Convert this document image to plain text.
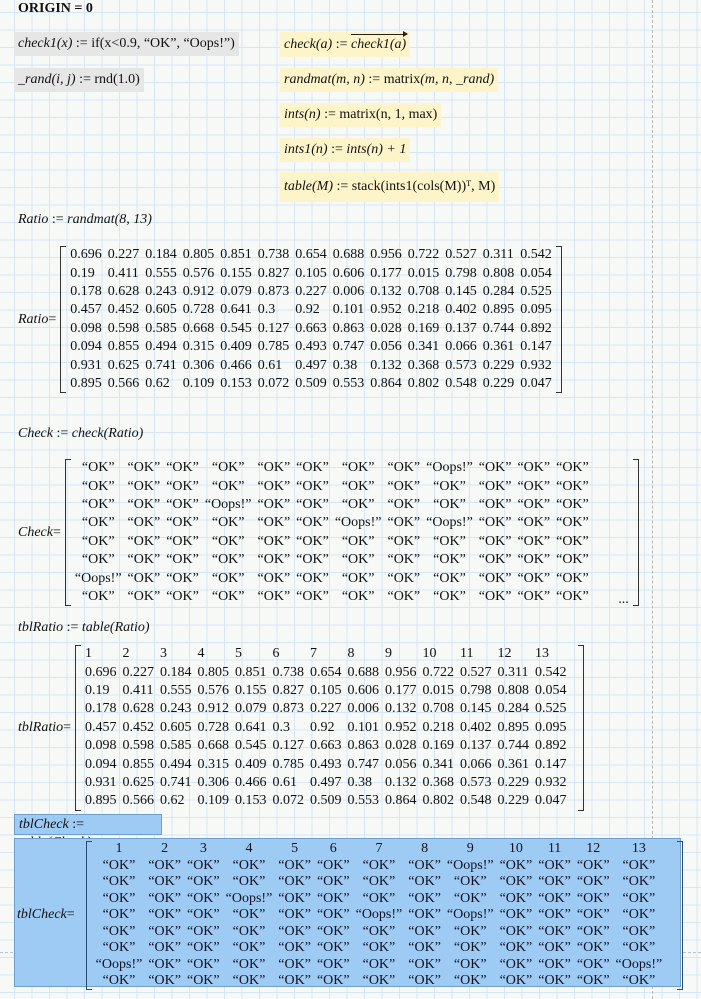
ORIGIN = 0
check1(x) := if(x<0.9, “OK”, “Oops!”)
_rand(i, j) := rnd(1.0)
check(a) := check1(a)
randmat(m, n) := matrix(m, n, _rand)
ints(n) := matrix(n, 1, max)
ints1(n) := ints(n) + 1
table(M) := stack(ints1(cols(M))ᵀ, M)
Ratio := randmat(8, 13)
Ratio=
0.696	0.227	0.184	0.805	0.851	0.738	0.654	0.688	0.956	0.722	0.527	0.311	0.542
0.19	0.411	0.555	0.576	0.155	0.827	0.105	0.606	0.177	0.015	0.798	0.808	0.054
0.178	0.628	0.243	0.912	0.079	0.873	0.227	0.006	0.132	0.708	0.145	0.284	0.525
0.457	0.452	0.605	0.728	0.641	0.3	0.92	0.101	0.952	0.218	0.402	0.895	0.095
0.098	0.598	0.585	0.668	0.545	0.127	0.663	0.863	0.028	0.169	0.137	0.744	0.892
0.094	0.855	0.494	0.315	0.409	0.785	0.493	0.747	0.056	0.341	0.066	0.361	0.147
0.931	0.625	0.741	0.306	0.466	0.61	0.497	0.38	0.132	0.368	0.573	0.229	0.932
0.895	0.566	0.62	0.109	0.153	0.072	0.509	0.553	0.864	0.802	0.548	0.229	0.047
Check := check(Ratio)
Check=
“OK”	“OK”	“OK”	“OK”	“OK”	“OK”	“OK”	“OK”	“Oops!”	“OK”	“OK”	“OK”
“OK”	“OK”	“OK”	“OK”	“OK”	“OK”	“OK”	“OK”	“OK”	“OK”	“OK”	“OK”
“OK”	“OK”	“OK”	“Oops!”	“OK”	“OK”	“OK”	“OK”	“OK”	“OK”	“OK”	“OK”
“OK”	“OK”	“OK”	“OK”	“OK”	“OK”	“Oops!”	“OK”	“Oops!”	“OK”	“OK”	“OK”
“OK”	“OK”	“OK”	“OK”	“OK”	“OK”	“OK”	“OK”	“OK”	“OK”	“OK”	“OK”
“OK”	“OK”	“OK”	“OK”	“OK”	“OK”	“OK”	“OK”	“OK”	“OK”	“OK”	“OK”
“Oops!”	“OK”	“OK”	“OK”	“OK”	“OK”	“OK”	“OK”	“OK”	“OK”	“OK”	“OK”
“OK”	“OK”	“OK”	“OK”	“OK”	“OK”	“OK”	“OK”	“OK”	“OK”	“OK”	“OK” ...
tblRatio := table(Ratio)
tblRatio=
1	2	3	4	5	6	7	8	9	10	11	12	13
0.696	0.227	0.184	0.805	0.851	0.738	0.654	0.688	0.956	0.722	0.527	0.311	0.542
0.19	0.411	0.555	0.576	0.155	0.827	0.105	0.606	0.177	0.015	0.798	0.808	0.054
0.178	0.628	0.243	0.912	0.079	0.873	0.227	0.006	0.132	0.708	0.145	0.284	0.525
0.457	0.452	0.605	0.728	0.641	0.3	0.92	0.101	0.952	0.218	0.402	0.895	0.095
0.098	0.598	0.585	0.668	0.545	0.127	0.663	0.863	0.028	0.169	0.137	0.744	0.892
0.094	0.855	0.494	0.315	0.409	0.785	0.493	0.747	0.056	0.341	0.066	0.361	0.147
0.931	0.625	0.741	0.306	0.466	0.61	0.497	0.38	0.132	0.368	0.573	0.229	0.932
0.895	0.566	0.62	0.109	0.153	0.072	0.509	0.553	0.864	0.802	0.548	0.229	0.047
tblCheck :=
tblCheck=
1	2	3	4	5	6	7	8	9	10	11	12	13
“OK”	“OK”	“OK”	“OK”	“OK”	“OK”	“OK”	“OK”	“Oops!”	“OK”	“OK”	“OK”	“OK”
“OK”	“OK”	“OK”	“OK”	“OK”	“OK”	“OK”	“OK”	“OK”	“OK”	“OK”	“OK”	“OK”
“OK”	“OK”	“OK”	“Oops!”	“OK”	“OK”	“OK”	“OK”	“OK”	“OK”	“OK”	“OK”	“OK”
“OK”	“OK”	“OK”	“OK”	“OK”	“OK”	“Oops!”	“OK”	“Oops!”	“OK”	“OK”	“OK”	“OK”
“OK”	“OK”	“OK”	“OK”	“OK”	“OK”	“OK”	“OK”	“OK”	“OK”	“OK”	“OK”	“OK”
“OK”	“OK”	“OK”	“OK”	“OK”	“OK”	“OK”	“OK”	“OK”	“OK”	“OK”	“OK”	“OK”
“Oops!”	“OK”	“OK”	“OK”	“OK”	“OK”	“OK”	“OK”	“OK”	“OK”	“OK”	“OK”	“Oops!”
“OK”	“OK”	“OK”	“OK”	“OK”	“OK”	“OK”	“OK”	“OK”	“OK”	“OK”	“OK”	“OK”
